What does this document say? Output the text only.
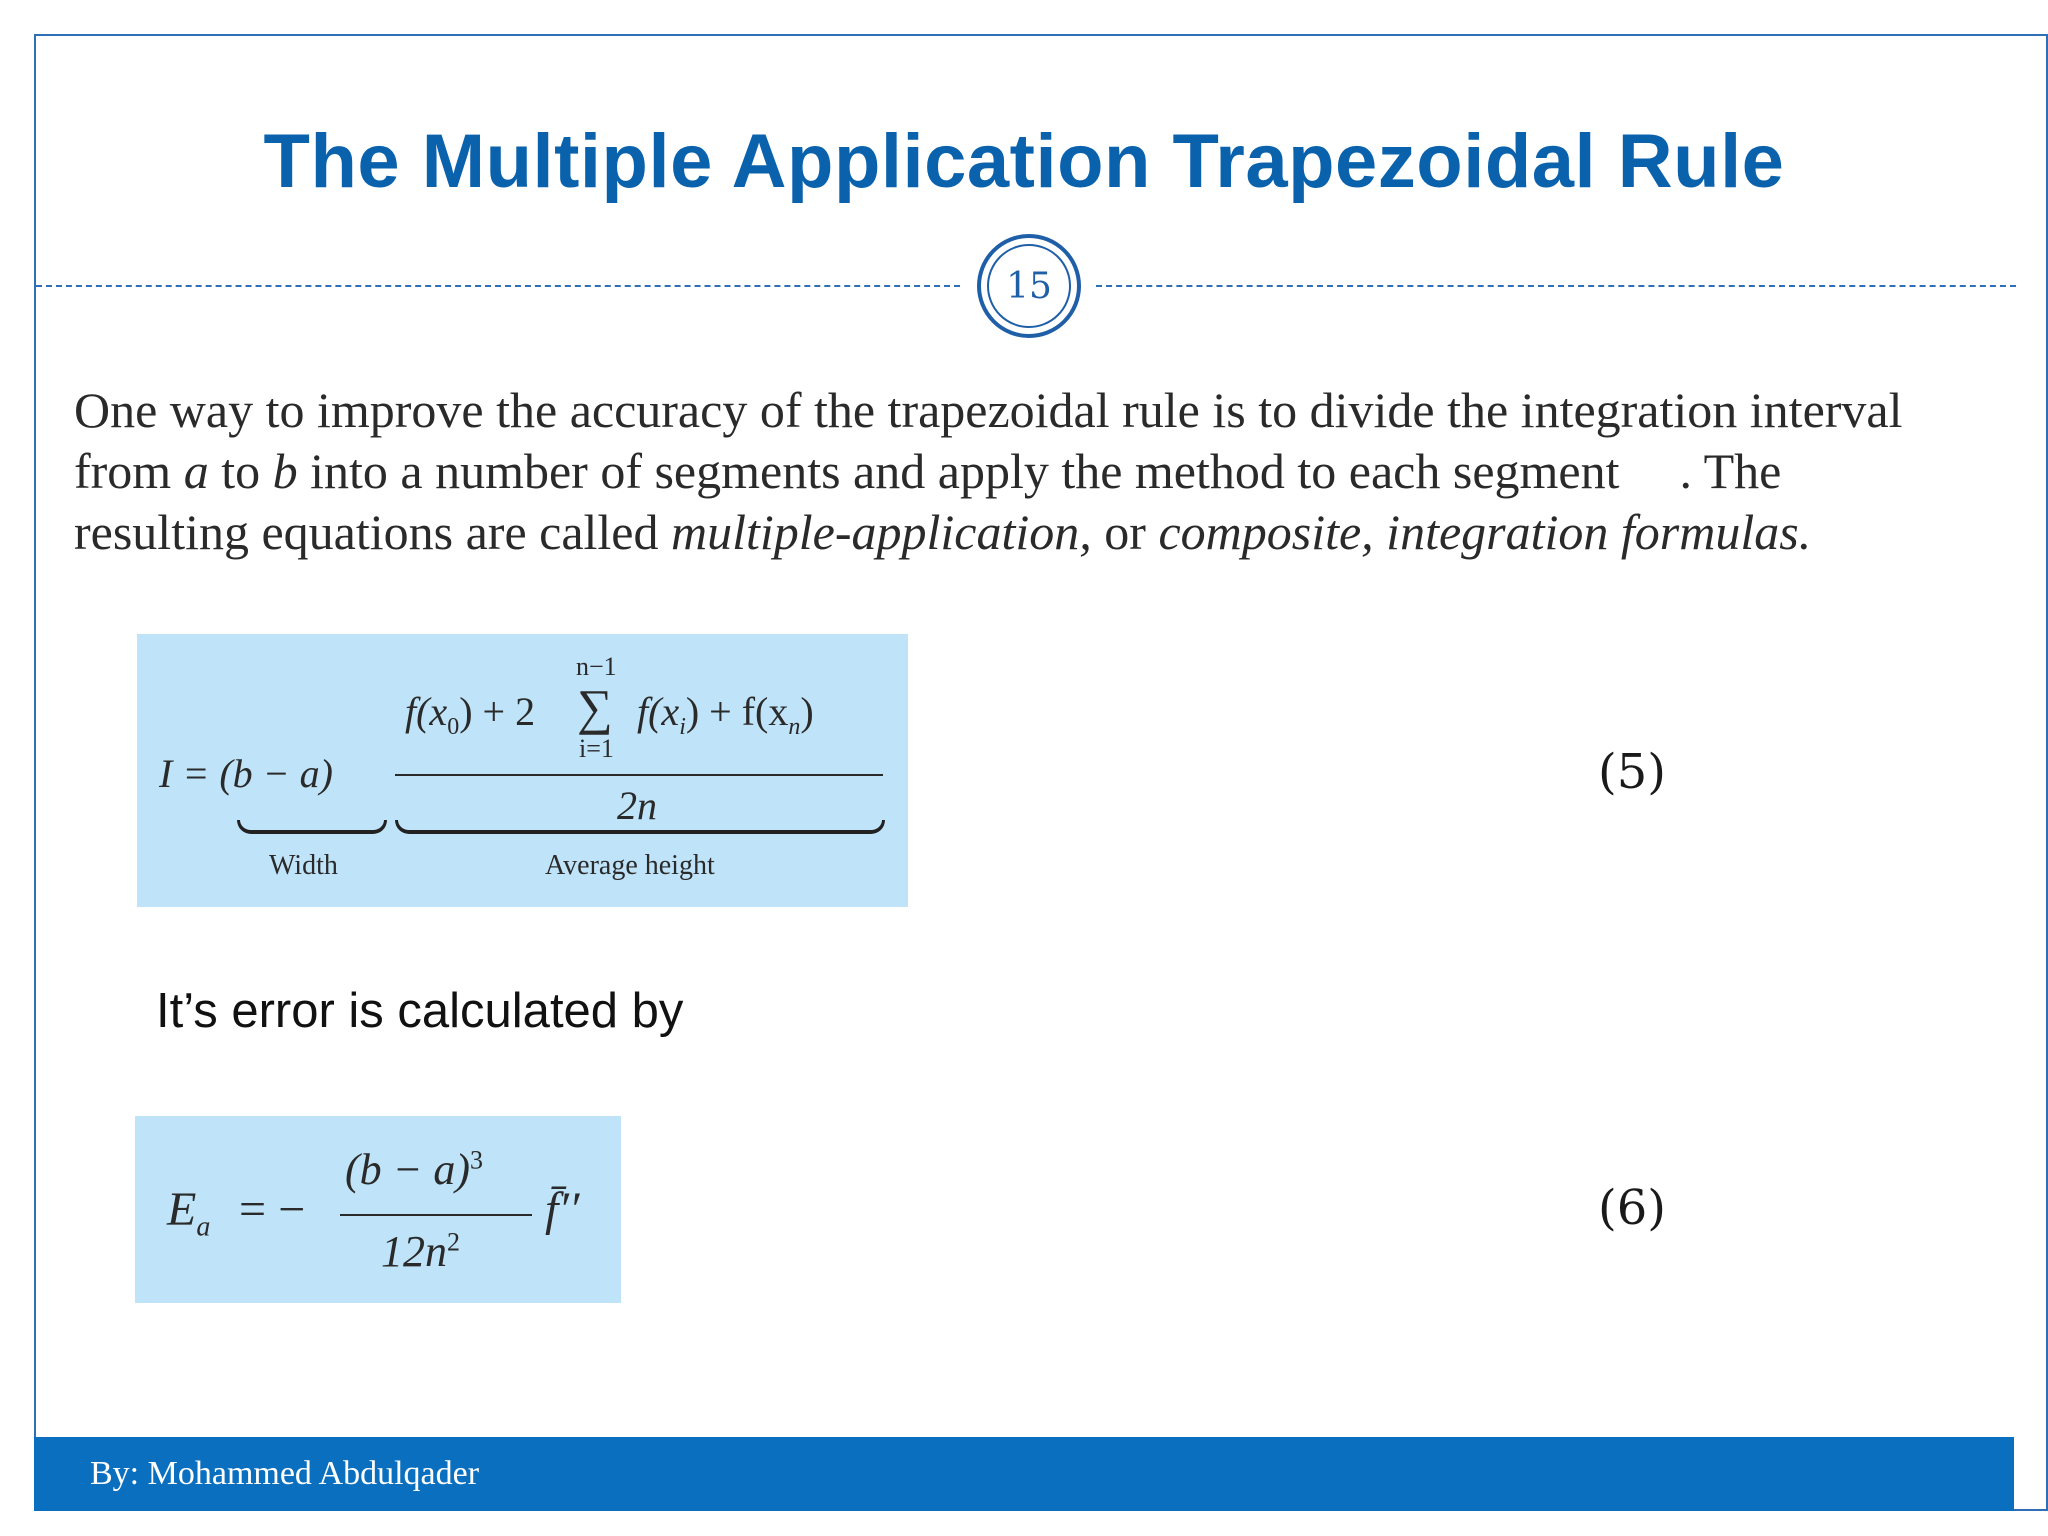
The Multiple Application Trapezoidal Rule
15
One way to improve the accuracy of the trapezoidal rule is to divide the integration interval
from a to b into a number of segments and apply the method to each segment . The
resulting equations are called multiple-application, or composite, integration formulas.
I = (b − a)
$f(x_0) + 2$
n−1
∑
i=1
$f(x_i) + f(x_n)$
2n
Width	Average height
(5)
It’s error is calculated by
$E_a$ = −
$(b - a)^3$
$12n^2$
f̄′′	(6)
By: Mohammed Abdulqader
